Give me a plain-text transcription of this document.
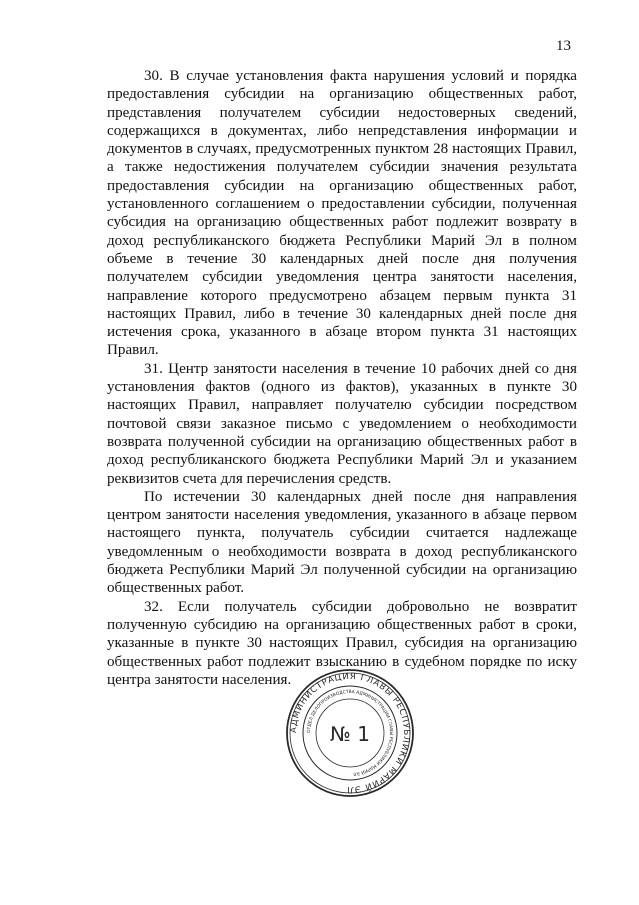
13

30. В случае установления факта нарушения условий и порядка предоставления субсидии на организацию общественных работ, представления получателем субсидии недостоверных сведений, содержащихся в документах, либо непредставления информации и документов в случаях, предусмотренных пунктом 28 настоящих Правил, а также недостижения получателем субсидии значения результата предоставления субсидии на организацию общественных работ, установленного соглашением о предоставлении субсидии, полученная субсидия на организацию общественных работ подлежит возврату в доход республиканского бюджета Республики Марий Эл в полном объеме в течение 30 календарных дней после дня получения получателем субсидии уведомления центра занятости населения, направление которого предусмотрено абзацем первым пункта 31 настоящих Правил, либо в течение 30 календарных дней после дня истечения срока, указанного в абзаце втором пункта 31 настоящих Правил.

31. Центр занятости населения в течение 10 рабочих дней со дня установления фактов (одного из фактов), указанных в пункте 30 настоящих Правил, направляет получателю субсидии посредством почтовой связи заказное письмо с уведомлением о необходимости возврата полученной субсидии на организацию общественных работ в доход республиканского бюджета Республики Марий Эл и указанием реквизитов счета для перечисления средств.

По истечении 30 календарных дней после дня направления центром занятости населения уведомления, указанного в абзаце первом настоящего пункта, получатель субсидии считается надлежаще уведомленным о необходимости возврата в доход республиканского бюджета Республики Марий Эл полученной субсидии на организацию общественных работ.

32. Если получатель субсидии добровольно не возвратит полученную субсидию на организацию общественных работ в сроки, указанные в пункте 30 настоящих Правил, субсидия на организацию общественных работ подлежит взысканию в судебном порядке по иску центра занятости населения.

АДМИНИСТРАЦИЯ ГЛАВЫ РЕСПУБЛИКИ МАРИЙ ЭЛ
ОТДЕЛ ДЕЛОПРОИЗВОДСТВА АДМИНИСТРАЦИИ ГЛАВЫ РЕСПУБЛИКИ МАРИЙ ЭЛ
№ 1
